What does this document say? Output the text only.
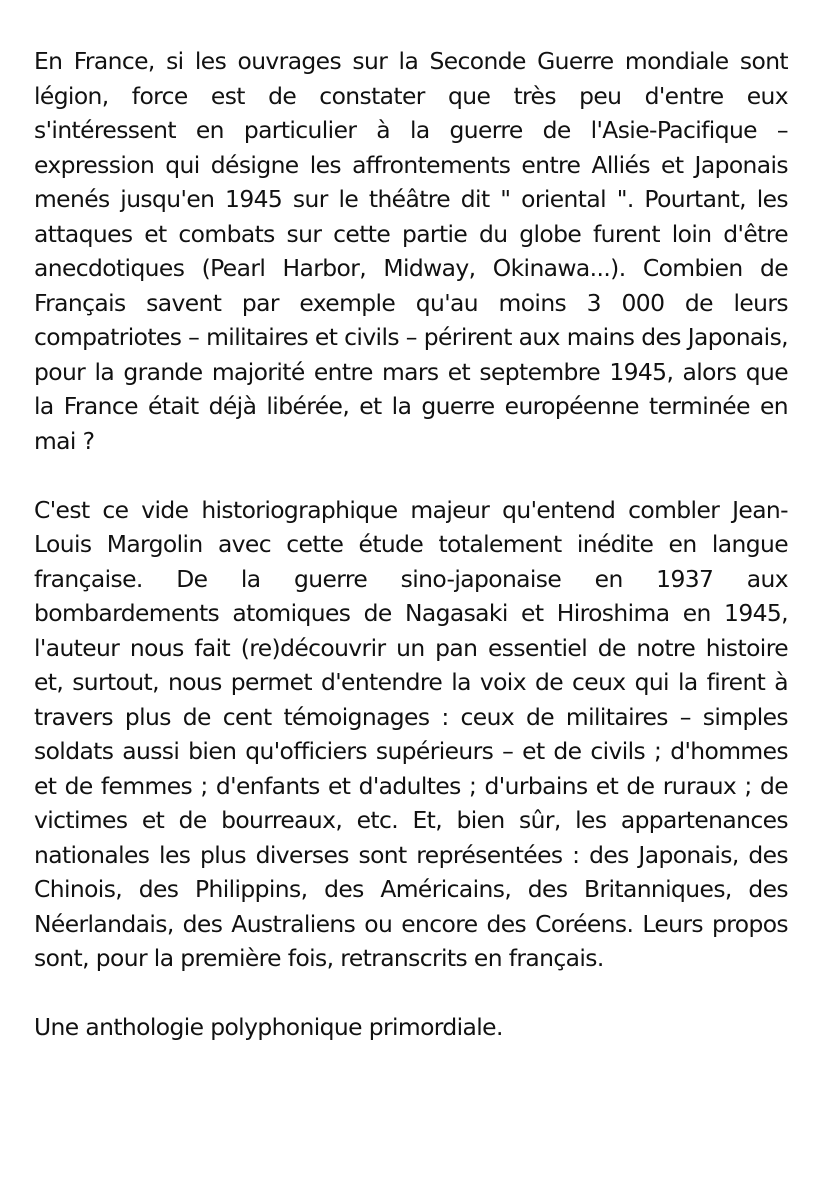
En France, si les ouvrages sur la Seconde Guerre mondiale sont légion, force est de constater que très peu d'entre eux s'intéressent en particulier à la guerre de l'Asie-Pacifique – expression qui désigne les affrontements entre Alliés et Japonais menés jusqu'en 1945 sur le théâtre dit " oriental ". Pourtant, les attaques et combats sur cette partie du globe furent loin d'être anecdotiques (Pearl Harbor, Midway, Okinawa...). Combien de Français savent par exemple qu'au moins 3 000 de leurs compatriotes – militaires et civils – périrent aux mains des Japonais, pour la grande majorité entre mars et septembre 1945, alors que la France était déjà libérée, et la guerre européenne terminée en mai ?

C'est ce vide historiographique majeur qu'entend combler Jean-Louis Margolin avec cette étude totalement inédite en langue française. De la guerre sino-japonaise en 1937 aux bombardements atomiques de Nagasaki et Hiroshima en 1945, l'auteur nous fait (re)découvrir un pan essentiel de notre histoire et, surtout, nous permet d'entendre la voix de ceux qui la firent à travers plus de cent témoignages : ceux de militaires – simples soldats aussi bien qu'officiers supérieurs – et de civils ; d'hommes et de femmes ; d'enfants et d'adultes ; d'urbains et de ruraux ; de victimes et de bourreaux, etc. Et, bien sûr, les appartenances nationales les plus diverses sont représentées : des Japonais, des Chinois, des Philippins, des Américains, des Britanniques, des Néerlandais, des Australiens ou encore des Coréens. Leurs propos sont, pour la première fois, retranscrits en français.

Une anthologie polyphonique primordiale.
